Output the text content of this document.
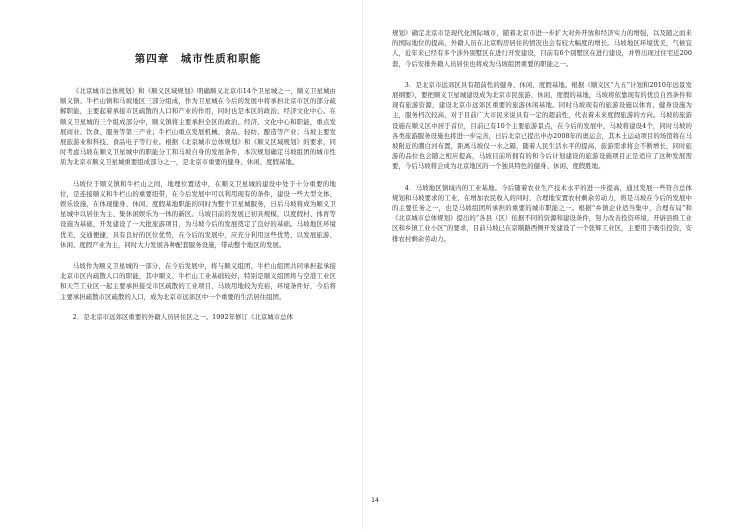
第四章　城市性质和职能

《北京城市总体规划》和《顺义区域规划》明确顺义北京市14个卫星城之一，顺义卫星城由顺义镇、牛栏山镇和马坡地区三部分组成，作为卫星城在今后的发展中将承担北京市区的部分疏解职能，主要起着承接市区疏散的人口和产业的作用，同时也是本区的政治、经济文化中心。在顺义卫星城的三个组成部分中，顺义镇将主要承担全区的政治、经济、文化中心和职能，重点发展商业、饮食、服务等第三产业；牛栏山重点发展机械、食品、轻纺、酿造等产业；马坡主要发展旅游业和科技、食品电子等行业。根据《北京城市总体规划》和《顺义区域规划》的要求，同时考虑马坡在顺义卫星城中的职能分工和马坡自身的发展条件，本次规划确定马坡组团的城市性质为北京市顺义卫星城重要组成部分之一，是北京市重要的健身、休闲、度假基地。

马坡位于顺义镇和牛栏山之间，地理位置适中，在顺义卫星城的建设中处于十分重要的地位，是连接顺义和牛栏山的重要纽带，在今后发展中可以利用现有的条件，建设一些大型文体、娱乐设施，在体现健身、休闲、度假基地职能的同时为整个卫星城服务，日后马坡将成为顺义卫星城中以居住为主、集休闲娱乐为一体的新区。马坡目前的发展已初具规模，以度假村、体育等设施为基础，开发建设了一大批旅游项目，为马坡今后的发展奠定了良好的基础。马坡地区环境优美、交通便捷，具有良好的区位优势，在今后的发展中，应充分利用这些优势，以发展旅游、休闲、度假产业为主，同时大力发展各种配套服务设施，带动整个地区的发展。

马坡作为顺义卫星城的一部分，在今后发展中，将与顺义组团、牛栏山组团共同承担起承接北京市区内疏散人口的职能，其中顺义、牛栏山工业基础较好，特别是顺义组团将与空港工业区和天竺工业区一起主要承担接受市区疏散的工业项目，马坡用地较为充裕，环境条件好，今后将主要承担疏散市区疏散的人口，成为北京市远郊区中一个重要的生活居住组团。

2．是北京市远郊区重要的外籍人员居住区之一。1992年修订《北京城市总体

规划》确定北京市是现代化国际城市，随着北京市进一步扩大对外开放和经济实力的增强，以及随之而来的国际地位的提高，外籍人员在北京购房居住的情况也会有较大幅度的增长。马坡地区环境优美，气候宜人，近年来已经有多个涉外别墅区在进行开发建设，目前有6个别墅区在进行建设，并曾出现过住宅近200套，今后安排外籍人员居住也将成为马坡组团重要的职能之一。

3．是北京市远郊区具有超前性的健身、休闲、度假基地。根据《顺义区“九五”计划和2010年远景发展纲要》，要把顺义卫星城建设成为北京市民旅游、休闲、度假的基地，马坡将依靠现有的优良自然条件和现有旅游资源，建设北京市远郊区重要的旅游休闲基地。同时马坡现有的旅游设施以体育、健身设施为主，服务档次较高，对于目前广大市民来说具有一定的超前性，代表着未来度假旅游的方向。马坡的旅游设施在顺义区中居于首位，目前已有10个主要旅游景点，在今后的发展中，马坡将建设4个，同时马坡的各类旅游服务设施也将进一步完善，日后北京已提出申办2008年的奥运会，其本土运动项目的场馆将在马坡附近的潮白河布置，距离马坡仅一水之隔，随着人民生活水平的提高，旅游需求将会不断增长，同时旅游的品位也会随之相应提高，马坡目前所拥有的和今后计划建设的旅游设施项目正是适应了这种发展需要，今后马坡将会成为北京地区的一个独具特色的健身、休闲、度假胜地。

4．马坡地区镇域内的工业基地。今后随着农业生产技术水平的进一步提高，通过发展一些符合总体规划和马坡要求的工业，在增加农民收入的同时，合理地安置农村剩余劳动力，将是马坡在今后的发展中的主要任务之一，也是马坡组团所承担的重要的城市职能之一。根据“乡镇企业适当集中、合理布局”和《北京城市总体规划》提出的“各县（区）依据不同的资源和建设条件，努力改善投资环境，开辟县级工业区和乡镇工业小区”的要求，目前马坡已在京顺路西侧开发建设了一个张辉工业区，主要用于吸引投资，安排农村剩余劳动力。

14
